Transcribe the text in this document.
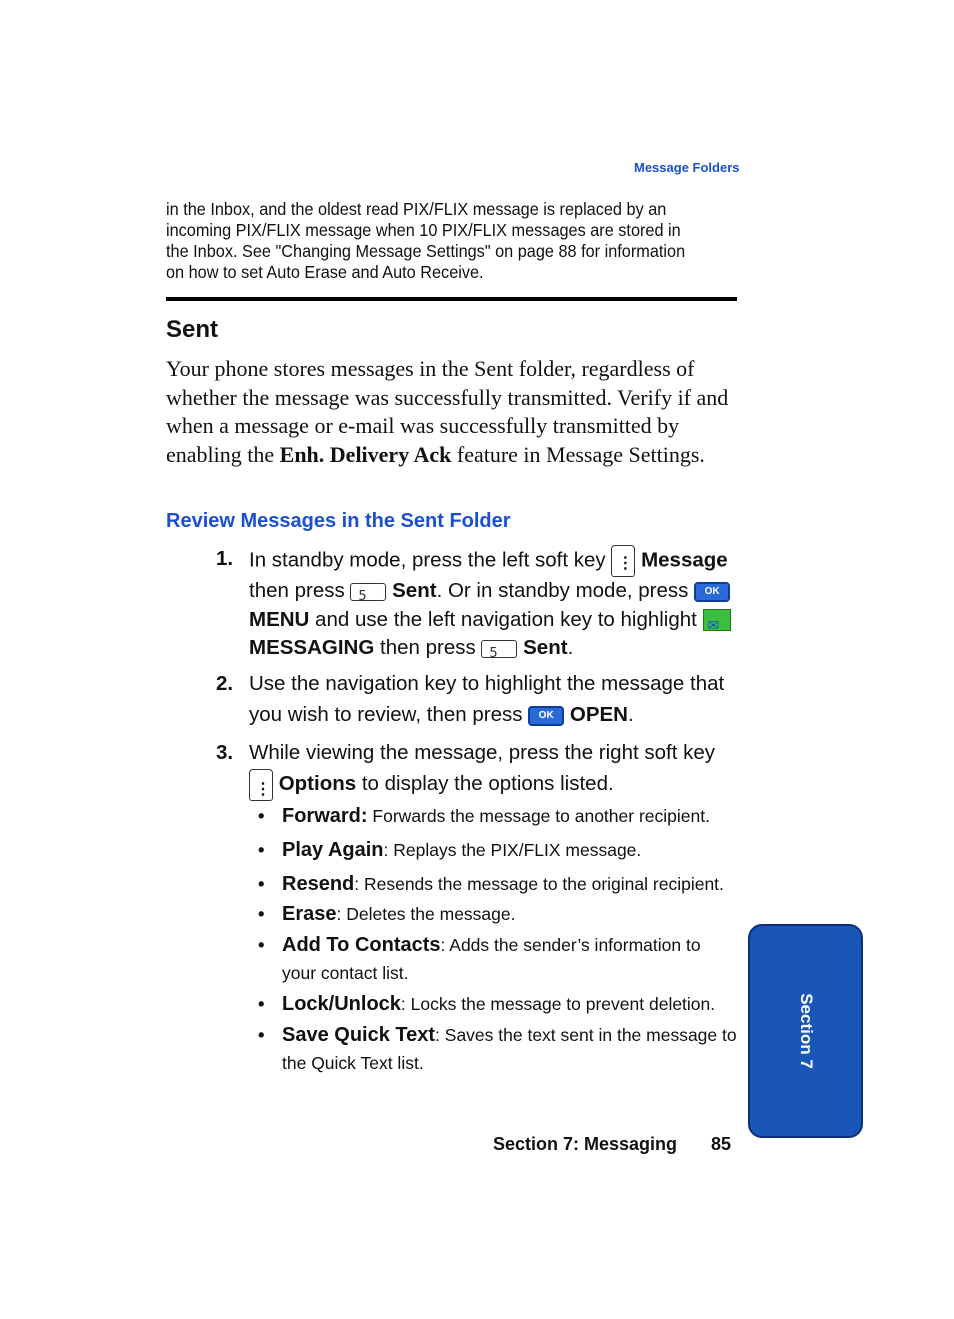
Message Folders
in the Inbox, and the oldest read PIX/FLIX message is replaced by an incoming PIX/FLIX message when 10 PIX/FLIX messages are stored in the Inbox. See "Changing Message Settings" on page 88 for information on how to set Auto Erase and Auto Receive.
Sent
Your phone stores messages in the Sent folder, regardless of whether the message was successfully transmitted. Verify if and when a message or e-mail was successfully transmitted by enabling the Enh. Delivery Ack feature in Message Settings.
Review Messages in the Sent Folder
1. In standby mode, press the left soft key ⋮ Message then press 5 Sent. Or in standby mode, press OK MENU and use the left navigation key to highlight ✉ MESSAGING then press 5 Sent.
2. Use the navigation key to highlight the message that you wish to review, then press OK OPEN.
3. While viewing the message, press the right soft key ⋮ Options to display the options listed.

• Forward: Forwards the message to another recipient.

• Play Again: Replays the PIX/FLIX message.

• Resend: Resends the message to the original recipient.

• Erase: Deletes the message.

• Add To Contacts: Adds the sender’s information to your contact list.

• Lock/Unlock: Locks the message to prevent deletion.

• Save Quick Text: Saves the text sent in the message to the Quick Text list.

Section 7: Messaging 85
Section 7
